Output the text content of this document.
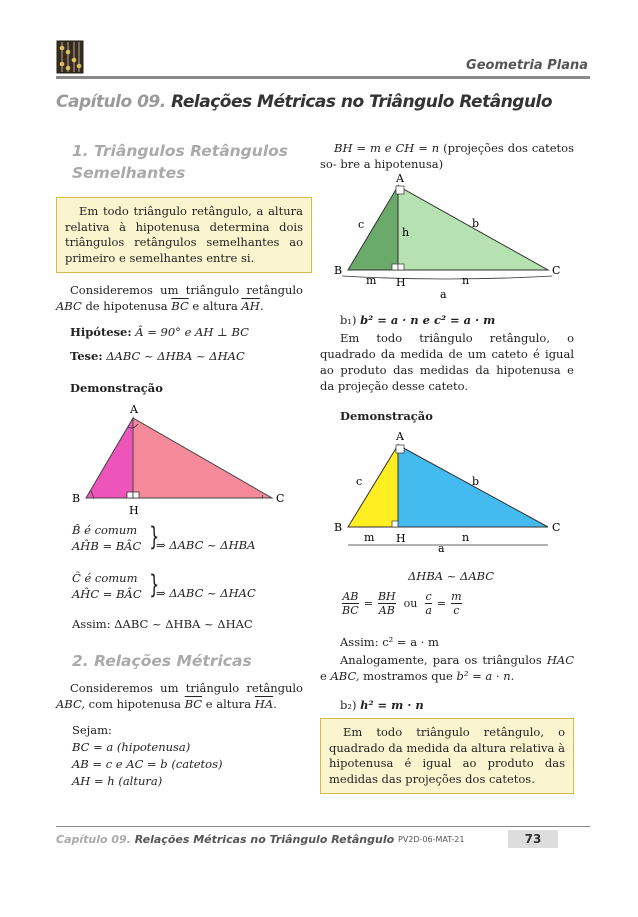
Geometria Plana
Capítulo 09. Relações Métricas no Triângulo Retângulo
1. Triângulos Retângulos
Semelhantes
Em todo triângulo retângulo, a altura relativa à hipotenusa determina dois triângulos retângulos semelhantes ao primeiro e semelhantes entre si.
Consideremos um triângulo retângulo ABC de hipotenusa $\overline{BC}$ e altura $\overline{AH}$.
Hipótese: Â = 90° e AH ⊥ BC
Tese: ΔABC ~ ΔHBA ~ ΔHAC
Demonstração
A
B	C
H
B̂ é comum
AĤB = BÂC }
⇒ ΔABC ~ ΔHBA
Ĉ é comum
AĤC = BÂC }
⇒ ΔABC ~ ΔHAC
Assim: ΔABC ~ ΔHBA ~ ΔHAC
2. Relações Métricas
Consideremos um triângulo retângulo ABC, com hipotenusa $\overline{BC}$ e altura $\overline{HA}$.
Sejam:
BC = a (hipotenusa)
AB = c e AC = b (catetos)
AH = h (altura)
BH = m e CH = n (projeções dos catetos so- bre a hipotenusa)
A
B	C
H
b
c
h
m	n
a
b₁) b² = a · n e c² = a · m
Em todo triângulo retângulo, o quadrado da medida de um cateto é igual ao produto das medidas da hipotenusa e da projeção desse cateto.
Demonstração
A
B	C
H
b
c
m	n
a
ΔHBA ~ ΔABC
$\frac{AB}{BC} = \frac{BH}{AB}$ ou $\frac{c}{a} = \frac{m}{c}$
Assim: c² = a · m
Analogamente, para os triângulos HAC e ABC, mostramos que b² = a · n.
b₂) h² = m · n
Em todo triângulo retângulo, o quadrado da medida da altura relativa à hipotenusa é igual ao produto das medidas das projeções dos catetos.
Capítulo 09. Relações Métricas no Triângulo Retângulo PV2D-06-MAT-21	73
